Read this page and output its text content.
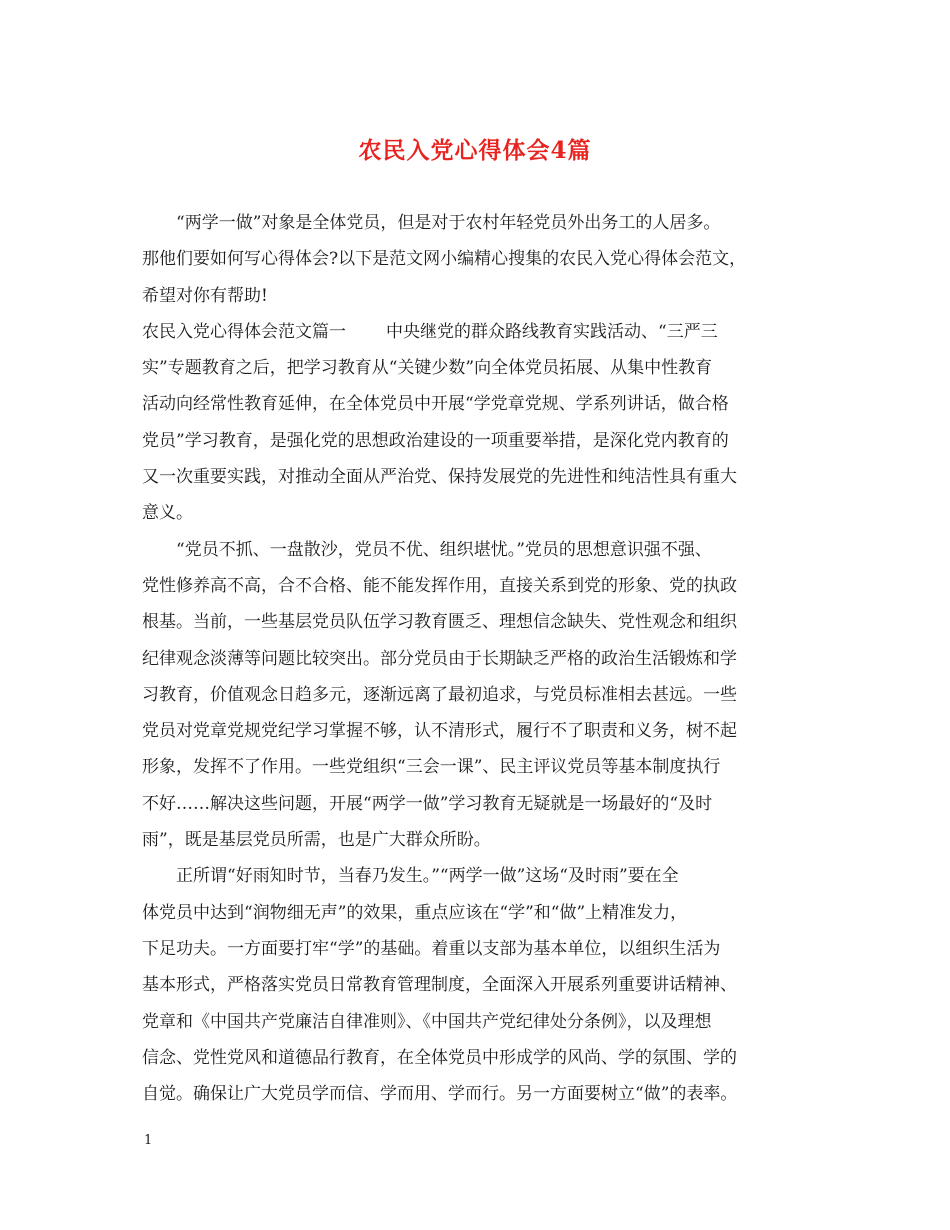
农民入党心得体会4篇
“两学一做”对象是全体党员，但是对于农村年轻党员外出务工的人居多。
那他们要如何写心得体会?以下是范文网小编精心搜集的农民入党心得体会范文，
希望对你有帮助!
农民入党心得体会范文篇一 中央继党的群众路线教育实践活动、“三严三
实”专题教育之后，把学习教育从“关键少数”向全体党员拓展、从集中性教育
活动向经常性教育延伸，在全体党员中开展“学党章党规、学系列讲话，做合格
党员”学习教育，是强化党的思想政治建设的一项重要举措，是深化党内教育的
又一次重要实践，对推动全面从严治党、保持发展党的先进性和纯洁性具有重大
意义。
“党员不抓、一盘散沙，党员不优、组织堪忧。”党员的思想意识强不强、
党性修养高不高，合不合格、能不能发挥作用，直接关系到党的形象、党的执政
根基。当前，一些基层党员队伍学习教育匮乏、理想信念缺失、党性观念和组织
纪律观念淡薄等问题比较突出。部分党员由于长期缺乏严格的政治生活锻炼和学
习教育，价值观念日趋多元，逐渐远离了最初追求，与党员标准相去甚远。一些
党员对党章党规党纪学习掌握不够，认不清形式，履行不了职责和义务，树不起
形象，发挥不了作用。一些党组织“三会一课”、民主评议党员等基本制度执行
不好……解决这些问题，开展“两学一做”学习教育无疑就是一场最好的“及时
雨”，既是基层党员所需，也是广大群众所盼。
正所谓“好雨知时节，当春乃发生。”“两学一做”这场“及时雨”要在全
体党员中达到“润物细无声”的效果，重点应该在“学”和“做”上精准发力，
下足功夫。一方面要打牢“学”的基础。着重以支部为基本单位，以组织生活为
基本形式，严格落实党员日常教育管理制度，全面深入开展系列重要讲话精神、
党章和《中国共产党廉洁自律准则》、《中国共产党纪律处分条例》，以及理想
信念、党性党风和道德品行教育，在全体党员中形成学的风尚、学的氛围、学的
自觉。确保让广大党员学而信、学而用、学而行。另一方面要树立“做”的表率。
1
